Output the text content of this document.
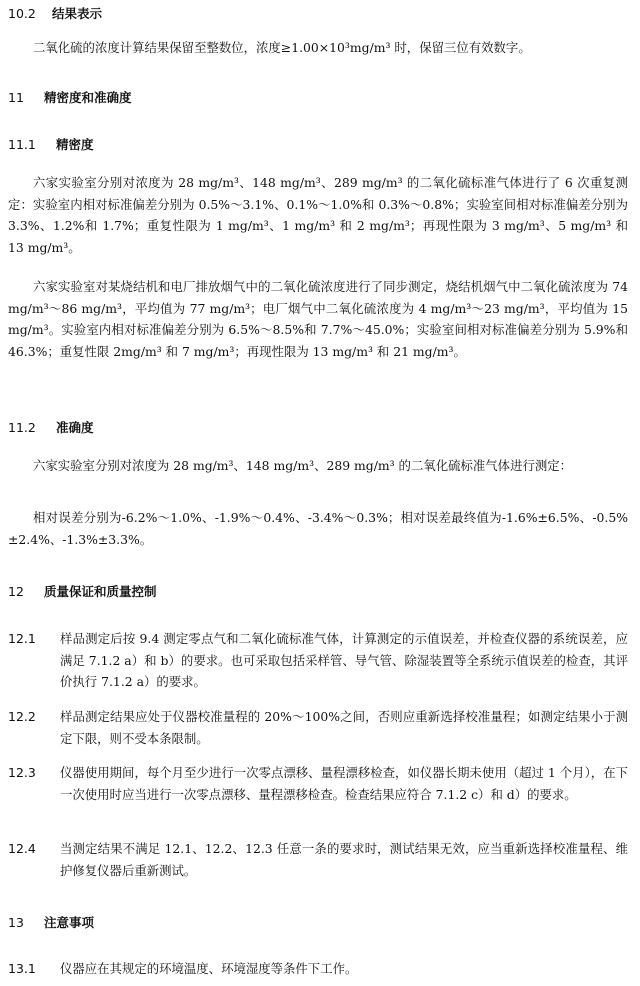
10.2 结果表示
二氧化硫的浓度计算结果保留至整数位，浓度≥1.00×10³mg/m³ 时，保留三位有效数字。
11 精密度和准确度
11.1 精密度
六家实验室分别对浓度为 28 mg/m³、148 mg/m³、289 mg/m³ 的二氧化硫标准气体进行了 6 次重复测定：实验室内相对标准偏差分别为 0.5%～3.1%、0.1%～1.0%和 0.3%～0.8%；实验室间相对标准偏差分别为 3.3%、1.2%和 1.7%；重复性限为 1 mg/m³、1 mg/m³ 和 2 mg/m³；再现性限为 3 mg/m³、5 mg/m³ 和 13 mg/m³。
六家实验室对某烧结机和电厂排放烟气中的二氧化硫浓度进行了同步测定，烧结机烟气中二氧化硫浓度为 74 mg/m³～86 mg/m³，平均值为 77 mg/m³；电厂烟气中二氧化硫浓度为 4 mg/m³～23 mg/m³，平均值为 15 mg/m³。实验室内相对标准偏差分别为 6.5%～8.5%和 7.7%～45.0%；实验室间相对标准偏差分别为 5.9%和 46.3%；重复性限 2mg/m³ 和 7 mg/m³；再现性限为 13 mg/m³ 和 21 mg/m³。
11.2 准确度
六家实验室分别对浓度为 28 mg/m³、148 mg/m³、289 mg/m³ 的二氧化硫标准气体进行测定：
相对误差分别为-6.2%～1.0%、-1.9%～0.4%、-3.4%～0.3%；相对误差最终值为-1.6%±6.5%、-0.5%±2.4%、-1.3%±3.3%。
12 质量保证和质量控制
12.1 样品测定后按 9.4 测定零点气和二氧化硫标准气体，计算测定的示值误差，并检查仪器的系统误差，应满足 7.1.2 a）和 b）的要求。也可采取包括采样管、导气管、除湿装置等全系统示值误差的检查，其评价执行 7.1.2 a）的要求。
12.2 样品测定结果应处于仪器校准量程的 20%～100%之间，否则应重新选择校准量程；如测定结果小于测定下限，则不受本条限制。
12.3 仪器使用期间，每个月至少进行一次零点漂移、量程漂移检查，如仪器长期未使用（超过 1 个月），在下一次使用时应当进行一次零点漂移、量程漂移检查。检查结果应符合 7.1.2 c）和 d）的要求。
12.4 当测定结果不满足 12.1、12.2、12.3 任意一条的要求时，测试结果无效，应当重新选择校准量程、维护修复仪器后重新测试。
13 注意事项
13.1 仪器应在其规定的环境温度、环境湿度等条件下工作。
